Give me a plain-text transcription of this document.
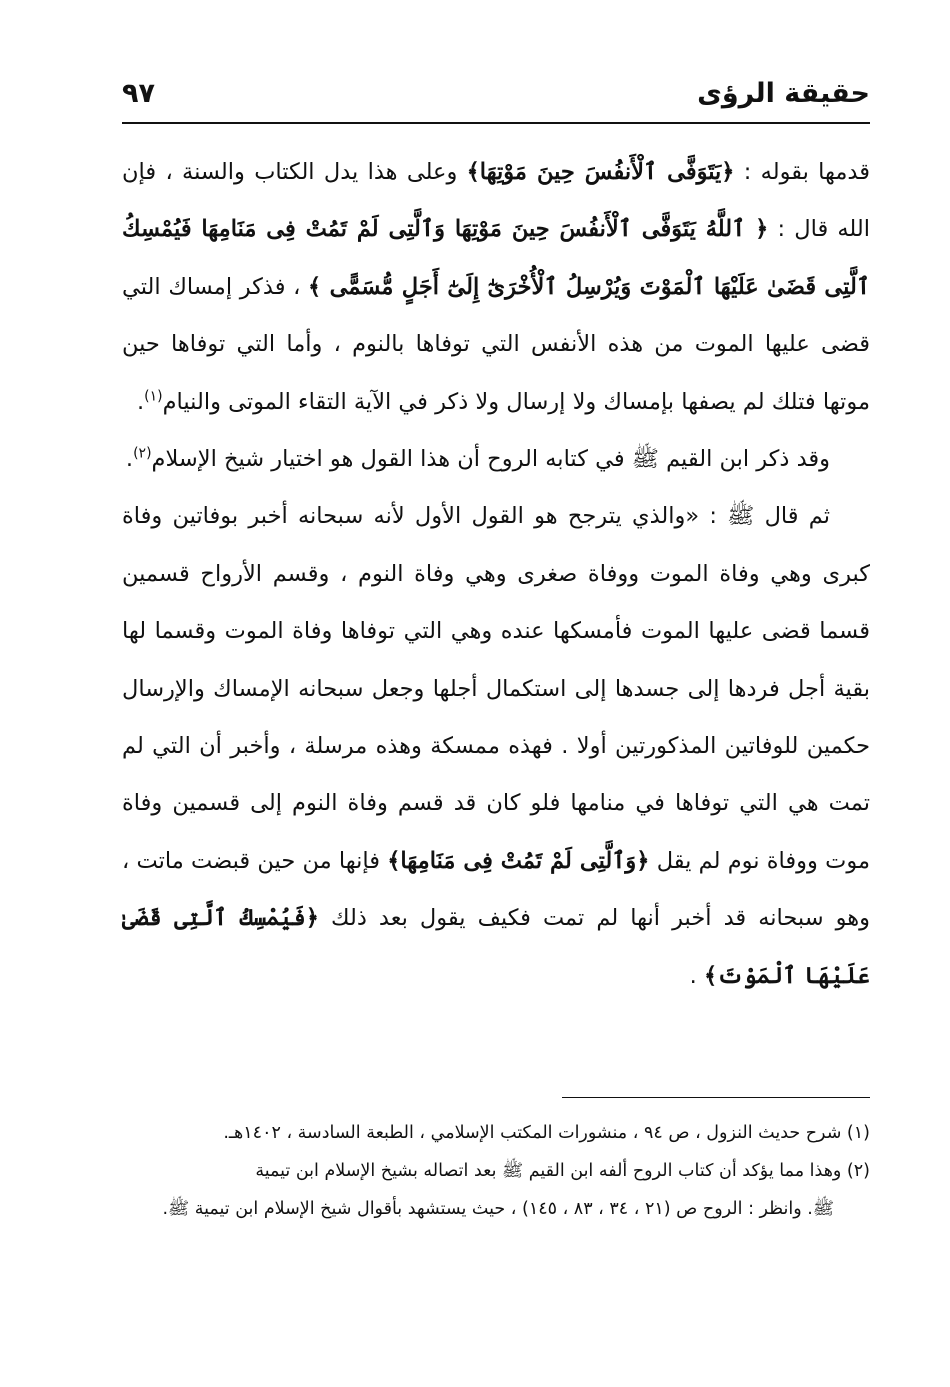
حقيقة الرؤى
٩٧

قدمها بقوله : ﴿يَتَوَفَّى ٱلْأَنفُسَ حِينَ مَوْتِهَا﴾ وعلى هذا يدل الكتاب والسنة ، فإن الله قال : ﴿ ٱللَّهُ يَتَوَفَّى ٱلْأَنفُسَ حِينَ مَوْتِهَا وَٱلَّتِى لَمْ تَمُتْ فِى مَنَامِهَا فَيُمْسِكُ ٱلَّتِى قَضَىٰ عَلَيْهَا ٱلْمَوْتَ وَيُرْسِلُ ٱلْأُخْرَىٰٓ إِلَىٰٓ أَجَلٍ مُّسَمًّى ﴾ ، فذكر إمساك التي قضى عليها الموت من هذه الأنفس التي توفاها بالنوم ، وأما التي توفاها حين موتها فتلك لم يصفها بإمساك ولا إرسال ولا ذكر في الآية التقاء الموتى والنيام$^{(١)}$.

وقد ذكر ابن القيم ﷺ في كتابه الروح أن هذا القول هو اختيار شيخ الإسلام$^{(٢)}$.

ثم قال ﷺ : «والذي يترجح هو القول الأول لأنه سبحانه أخبر بوفاتين وفاة كبرى وهي وفاة الموت ووفاة صغرى وهي وفاة النوم ، وقسم الأرواح قسمين قسما قضى عليها الموت فأمسكها عنده وهي التي توفاها وفاة الموت وقسما لها بقية أجل فردها إلى جسدها إلى استكمال أجلها وجعل سبحانه الإمساك والإرسال حكمين للوفاتين المذكورتين أولا . فهذه ممسكة وهذه مرسلة ، وأخبر أن التي لم تمت هي التي توفاها في منامها فلو كان قد قسم وفاة النوم إلى قسمين وفاة موت ووفاة نوم لم يقل ﴿وَٱلَّتِى لَمْ تَمُتْ فِى مَنَامِهَا﴾ فإنها من حين قبضت ماتت ، وهو سبحانه قد أخبر أنها لم تمت فكيف يقول بعد ذلك ﴿فَيُمْسِكُ ٱلَّتِى قَضَىٰ عَلَيْهَا ٱلْمَوْتَ﴾ .

(١) شرح حديث النزول ، ص ٩٤ ، منشورات المكتب الإسلامي ، الطبعة السادسة ، ١٤٠٢هـ.

(٢) وهذا مما يؤكد أن كتاب الروح ألفه ابن القيم ﷺ بعد اتصاله بشيخ الإسلام ابن تيمية

ﷺ. وانظر : الروح ص (٢١ ، ٣٤ ، ٨٣ ، ١٤٥) ، حيث يستشهد بأقوال شيخ الإسلام ابن تيمية ﷺ.
